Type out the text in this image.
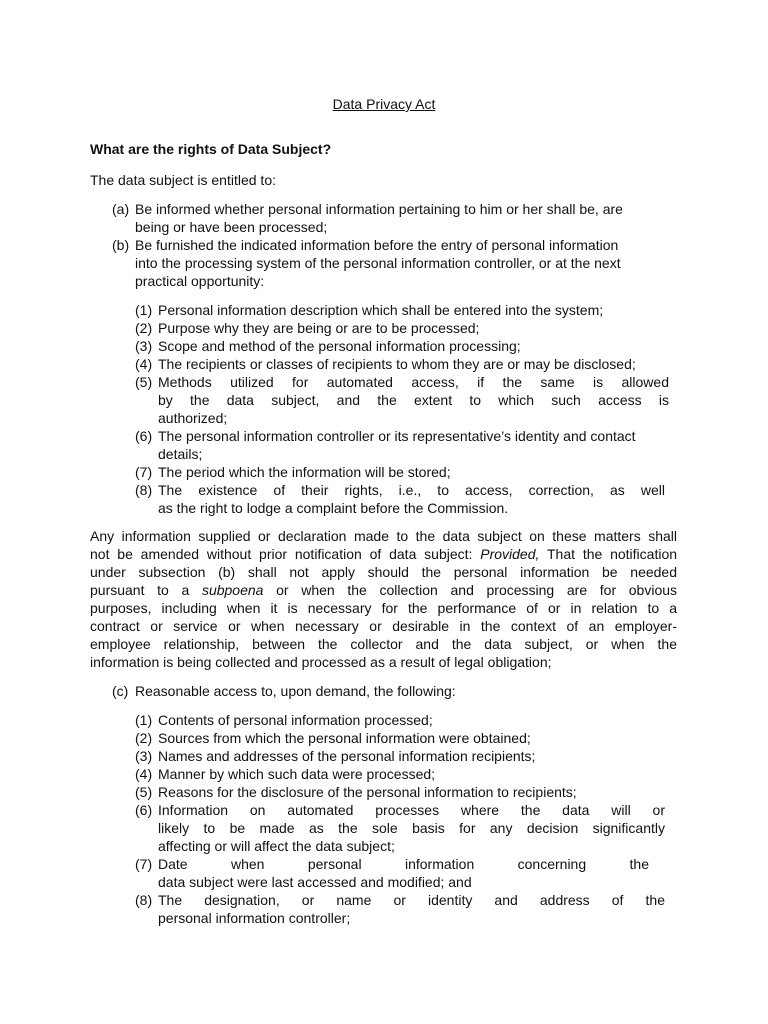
Data Privacy Act
What are the rights of Data Subject?
The data subject is entitled to:
(a) Be informed whether personal information pertaining to him or her shall be, are
being or have been processed;
(b) Be furnished the indicated information before the entry of personal information
into the processing system of the personal information controller, or at the next
practical opportunity:
(1) Personal information description which shall be entered into the system;
(2) Purpose why they are being or are to be processed;
(3) Scope and method of the personal information processing;
(4) The recipients or classes of recipients to whom they are or may be disclosed;
(5) Methods utilized for automated access, if the same is allowed
by the data subject, and the extent to which such access is
authorized;
(6) The personal information controller or its representative’s identity and contact
details;
(7) The period which the information will be stored;
(8) The existence of their rights, i.e., to access, correction, as well
as the right to lodge a complaint before the Commission.
Any information supplied or declaration made to the data subject on these matters shall
not be amended without prior notification of data subject: Provided, That the notification
under subsection (b) shall not apply should the personal information be needed
pursuant to a subpoena or when the collection and processing are for obvious
purposes, including when it is necessary for the performance of or in relation to a
contract or service or when necessary or desirable in the context of an employer-
employee relationship, between the collector and the data subject, or when the
information is being collected and processed as a result of legal obligation;
(c) Reasonable access to, upon demand, the following:
(1) Contents of personal information processed;
(2) Sources from which the personal information were obtained;
(3) Names and addresses of the personal information recipients;
(4) Manner by which such data were processed;
(5) Reasons for the disclosure of the personal information to recipients;
(6) Information on automated processes where the data will or
likely to be made as the sole basis for any decision significantly
affecting or will affect the data subject;
(7) Date when personal information concerning the
data subject were last accessed and modified; and
(8) The designation, or name or identity and address of the
personal information controller;
